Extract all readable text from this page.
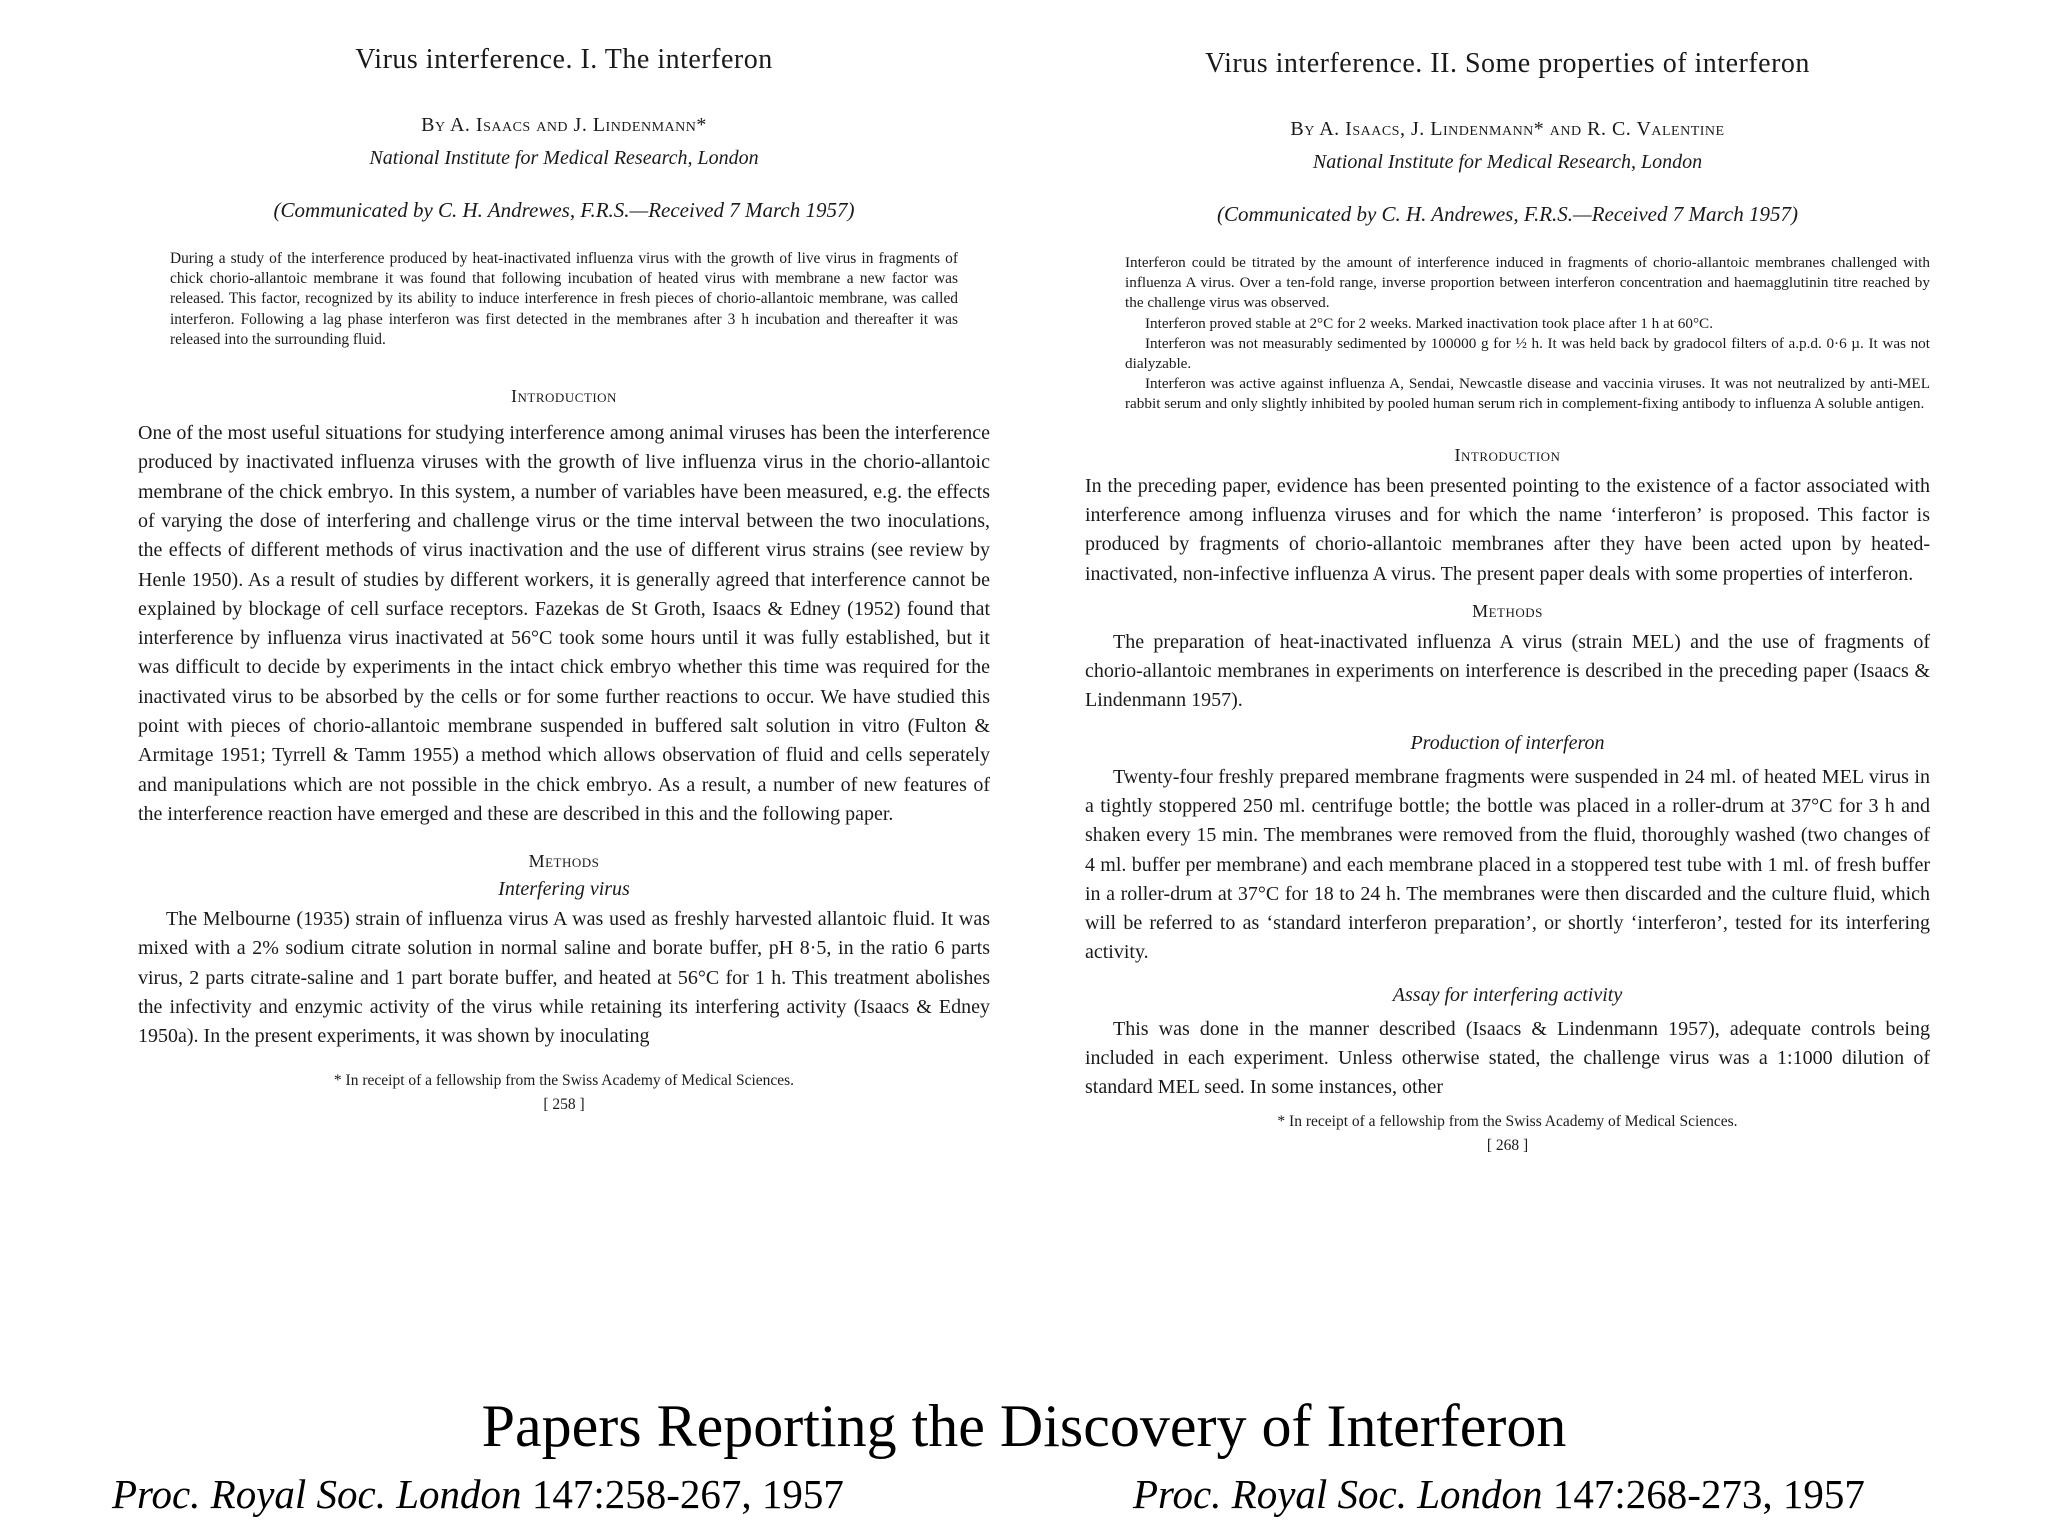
Virus interference. I. The interferon
By A. Isaacs and J. Lindenmann*
National Institute for Medical Research, London
(Communicated by C. H. Andrewes, F.R.S.—Received 7 March 1957)

During a study of the interference produced by heat-inactivated influenza virus with the growth of live virus in fragments of chick chorio-allantoic membrane it was found that following incubation of heated virus with membrane a new factor was released. This factor, recognized by its ability to induce interference in fresh pieces of chorio-allantoic membrane, was called interferon. Following a lag phase interferon was first detected in the membranes after 3 h incubation and thereafter it was released into the surrounding fluid.

Introduction

One of the most useful situations for studying interference among animal viruses has been the interference produced by inactivated influenza viruses with the growth of live influenza virus in the chorio-allantoic membrane of the chick embryo. In this system, a number of variables have been measured, e.g. the effects of varying the dose of interfering and challenge virus or the time interval between the two inoculations, the effects of different methods of virus inactivation and the use of different virus strains (see review by Henle 1950). As a result of studies by different workers, it is generally agreed that interference cannot be explained by blockage of cell surface receptors. Fazekas de St Groth, Isaacs & Edney (1952) found that interference by influenza virus inactivated at 56°C took some hours until it was fully established, but it was difficult to decide by experiments in the intact chick embryo whether this time was required for the inactivated virus to be absorbed by the cells or for some further reactions to occur. We have studied this point with pieces of chorio-allantoic membrane suspended in buffered salt solution in vitro (Fulton & Armitage 1951; Tyrrell & Tamm 1955) a method which allows observation of fluid and cells seperately and manipulations which are not possible in the chick embryo. As a result, a number of new features of the interference reaction have emerged and these are described in this and the following paper.

Methods
Interfering virus

The Melbourne (1935) strain of influenza virus A was used as freshly harvested allantoic fluid. It was mixed with a 2% sodium citrate solution in normal saline and borate buffer, pH 8·5, in the ratio 6 parts virus, 2 parts citrate-saline and 1 part borate buffer, and heated at 56°C for 1 h. This treatment abolishes the infectivity and enzymic activity of the virus while retaining its interfering activity (Isaacs & Edney 1950a). In the present experiments, it was shown by inoculating

* In receipt of a fellowship from the Swiss Academy of Medical Sciences.
[ 258 ]
Virus interference. II. Some properties of interferon
By A. Isaacs, J. Lindenmann* and R. C. Valentine
National Institute for Medical Research, London
(Communicated by C. H. Andrewes, F.R.S.—Received 7 March 1957)

Interferon could be titrated by the amount of interference induced in fragments of chorio-allantoic membranes challenged with influenza A virus. Over a ten-fold range, inverse proportion between interferon concentration and haemagglutinin titre reached by the challenge virus was observed.

Interferon proved stable at 2°C for 2 weeks. Marked inactivation took place after 1 h at 60°C.

Interferon was not measurably sedimented by 100000 g for ½ h. It was held back by gradocol filters of a.p.d. 0·6 µ. It was not dialyzable.

Interferon was active against influenza A, Sendai, Newcastle disease and vaccinia viruses. It was not neutralized by anti-MEL rabbit serum and only slightly inhibited by pooled human serum rich in complement-fixing antibody to influenza A soluble antigen.

Introduction

In the preceding paper, evidence has been presented pointing to the existence of a factor associated with interference among influenza viruses and for which the name ‘interferon’ is proposed. This factor is produced by fragments of chorio-allantoic membranes after they have been acted upon by heated-inactivated, non-infective influenza A virus. The present paper deals with some properties of interferon.

Methods

The preparation of heat-inactivated influenza A virus (strain MEL) and the use of fragments of chorio-allantoic membranes in experiments on interference is described in the preceding paper (Isaacs & Lindenmann 1957).

Production of interferon

Twenty-four freshly prepared membrane fragments were suspended in 24 ml. of heated MEL virus in a tightly stoppered 250 ml. centrifuge bottle; the bottle was placed in a roller-drum at 37°C for 3 h and shaken every 15 min. The membranes were removed from the fluid, thoroughly washed (two changes of 4 ml. buffer per membrane) and each membrane placed in a stoppered test tube with 1 ml. of fresh buffer in a roller-drum at 37°C for 18 to 24 h. The membranes were then discarded and the culture fluid, which will be referred to as ‘standard interferon preparation’, or shortly ‘interferon’, tested for its interfering activity.

Assay for interfering activity

This was done in the manner described (Isaacs & Lindenmann 1957), adequate controls being included in each experiment. Unless otherwise stated, the challenge virus was a 1:1000 dilution of standard MEL seed. In some instances, other

* In receipt of a fellowship from the Swiss Academy of Medical Sciences.
[ 268 ]
Papers Reporting the Discovery of Interferon
Proc. Royal Soc. London 147:258-267, 1957	Proc. Royal Soc. London 147:268-273, 1957
